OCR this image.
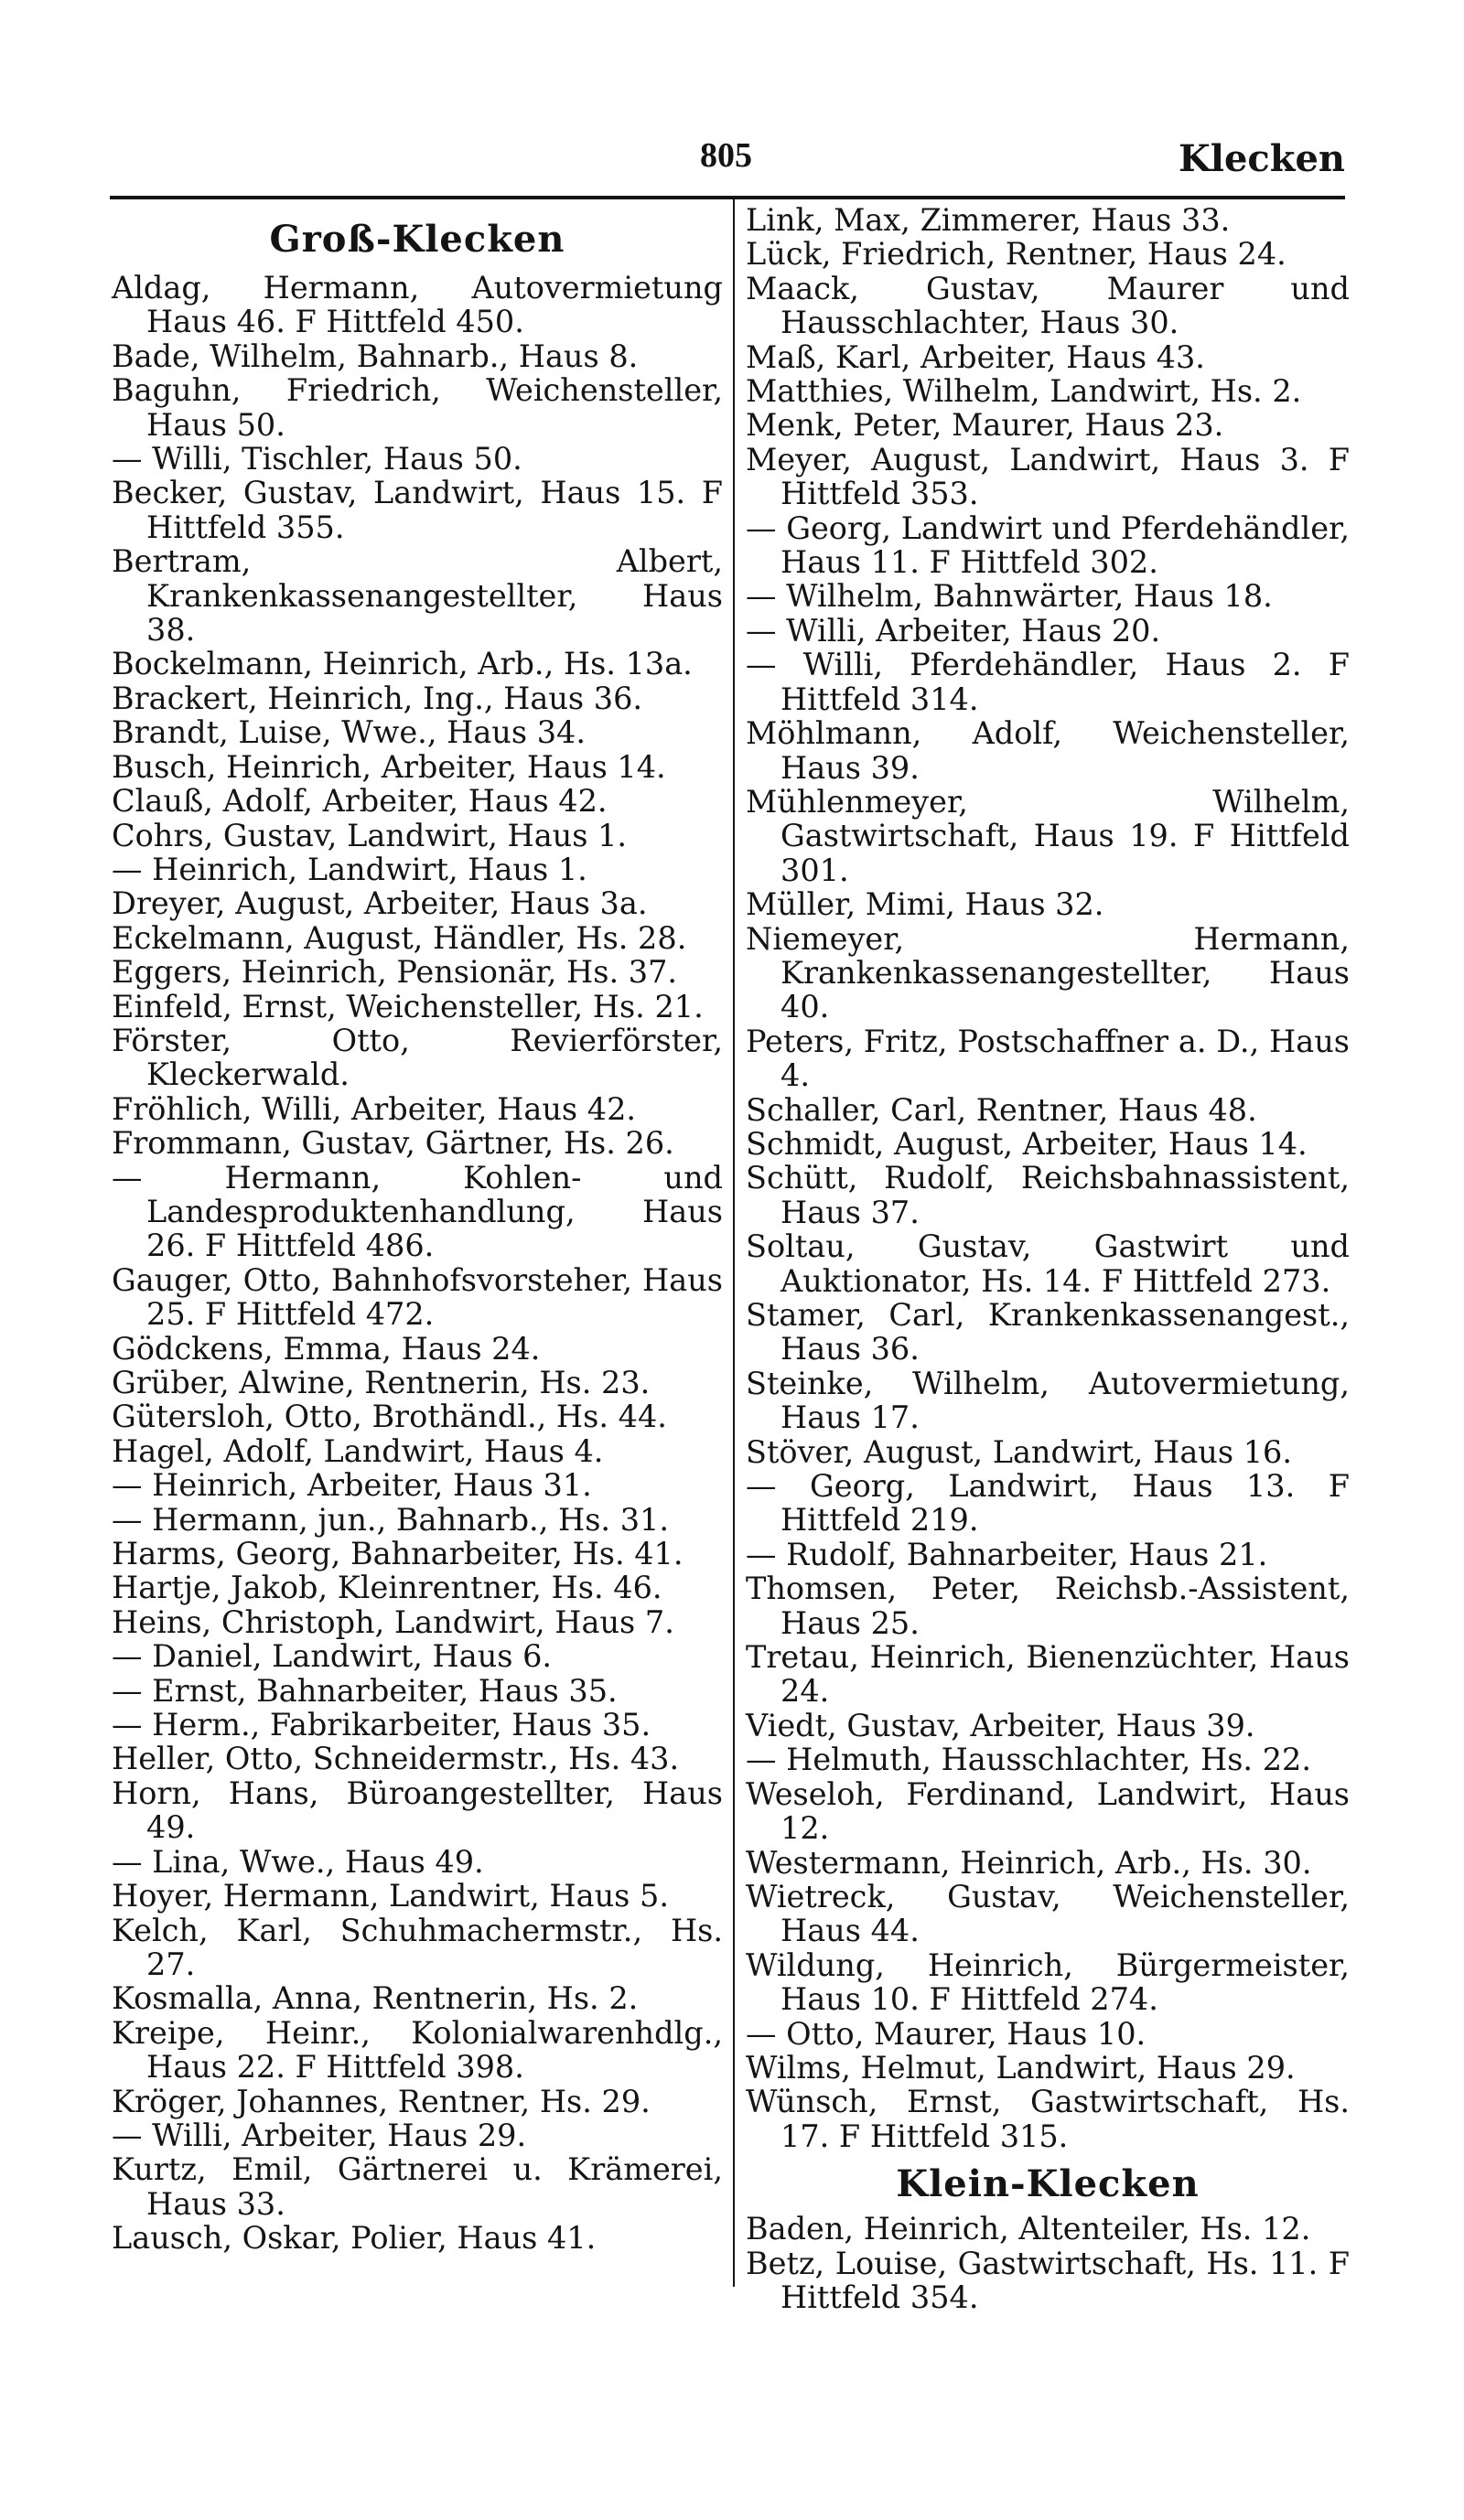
805	Klecken
Groß-Klecken
Aldag, Hermann, Autovermietung Haus 46. F Hittfeld 450.
Bade, Wilhelm, Bahnarb., Haus 8.
Baguhn, Friedrich, Weichensteller, Haus 50.
— Willi, Tischler, Haus 50.
Becker, Gustav, Landwirt, Haus 15. F Hittfeld 355.
Bertram, Albert, Krankenkassenangestellter, Haus 38.
Bockelmann, Heinrich, Arb., Hs. 13a.
Brackert, Heinrich, Ing., Haus 36.
Brandt, Luise, Wwe., Haus 34.
Busch, Heinrich, Arbeiter, Haus 14.
Clauß, Adolf, Arbeiter, Haus 42.
Cohrs, Gustav, Landwirt, Haus 1.
— Heinrich, Landwirt, Haus 1.
Dreyer, August, Arbeiter, Haus 3a.
Eckelmann, August, Händler, Hs. 28.
Eggers, Heinrich, Pensionär, Hs. 37.
Einfeld, Ernst, Weichensteller, Hs. 21.
Förster, Otto, Revierförster, Kleckerwald.
Fröhlich, Willi, Arbeiter, Haus 42.
Frommann, Gustav, Gärtner, Hs. 26.
— Hermann, Kohlen- und Landesproduktenhandlung, Haus 26. F Hittfeld 486.
Gauger, Otto, Bahnhofsvorsteher, Haus 25. F Hittfeld 472.
Gödckens, Emma, Haus 24.
Grüber, Alwine, Rentnerin, Hs. 23.
Gütersloh, Otto, Brothändl., Hs. 44.
Hagel, Adolf, Landwirt, Haus 4.
— Heinrich, Arbeiter, Haus 31.
— Hermann, jun., Bahnarb., Hs. 31.
Harms, Georg, Bahnarbeiter, Hs. 41.
Hartje, Jakob, Kleinrentner, Hs. 46.
Heins, Christoph, Landwirt, Haus 7.
— Daniel, Landwirt, Haus 6.
— Ernst, Bahnarbeiter, Haus 35.
— Herm., Fabrikarbeiter, Haus 35.
Heller, Otto, Schneidermstr., Hs. 43.
Horn, Hans, Büroangestellter, Haus 49.
— Lina, Wwe., Haus 49.
Hoyer, Hermann, Landwirt, Haus 5.
Kelch, Karl, Schuhmachermstr., Hs. 27.
Kosmalla, Anna, Rentnerin, Hs. 2.
Kreipe, Heinr., Kolonialwarenhdlg., Haus 22. F Hittfeld 398.
Kröger, Johannes, Rentner, Hs. 29.
— Willi, Arbeiter, Haus 29.
Kurtz, Emil, Gärtnerei u. Krämerei, Haus 33.
Lausch, Oskar, Polier, Haus 41.
Link, Max, Zimmerer, Haus 33.
Lück, Friedrich, Rentner, Haus 24.
Maack, Gustav, Maurer und Hausschlachter, Haus 30.
Maß, Karl, Arbeiter, Haus 43.
Matthies, Wilhelm, Landwirt, Hs. 2.
Menk, Peter, Maurer, Haus 23.
Meyer, August, Landwirt, Haus 3. F Hittfeld 353.
— Georg, Landwirt und Pferdehändler, Haus 11. F Hittfeld 302.
— Wilhelm, Bahnwärter, Haus 18.
— Willi, Arbeiter, Haus 20.
— Willi, Pferdehändler, Haus 2. F Hittfeld 314.
Möhlmann, Adolf, Weichensteller, Haus 39.
Mühlenmeyer, Wilhelm, Gastwirtschaft, Haus 19. F Hittfeld 301.
Müller, Mimi, Haus 32.
Niemeyer, Hermann, Krankenkassenangestellter, Haus 40.
Peters, Fritz, Postschaffner a. D., Haus 4.
Schaller, Carl, Rentner, Haus 48.
Schmidt, August, Arbeiter, Haus 14.
Schütt, Rudolf, Reichsbahnassistent, Haus 37.
Soltau, Gustav, Gastwirt und Auktionator, Hs. 14. F Hittfeld 273.
Stamer, Carl, Krankenkassenangest., Haus 36.
Steinke, Wilhelm, Autovermietung, Haus 17.
Stöver, August, Landwirt, Haus 16.
— Georg, Landwirt, Haus 13. F Hittfeld 219.
— Rudolf, Bahnarbeiter, Haus 21.
Thomsen, Peter, Reichsb.-Assistent, Haus 25.
Tretau, Heinrich, Bienenzüchter, Haus 24.
Viedt, Gustav, Arbeiter, Haus 39.
— Helmuth, Hausschlachter, Hs. 22.
Weseloh, Ferdinand, Landwirt, Haus 12.
Westermann, Heinrich, Arb., Hs. 30.
Wietreck, Gustav, Weichensteller, Haus 44.
Wildung, Heinrich, Bürgermeister, Haus 10. F Hittfeld 274.
— Otto, Maurer, Haus 10.
Wilms, Helmut, Landwirt, Haus 29.
Wünsch, Ernst, Gastwirtschaft, Hs. 17. F Hittfeld 315.
Klein-Klecken
Baden, Heinrich, Altenteiler, Hs. 12.
Betz, Louise, Gastwirtschaft, Hs. 11. F Hittfeld 354.
